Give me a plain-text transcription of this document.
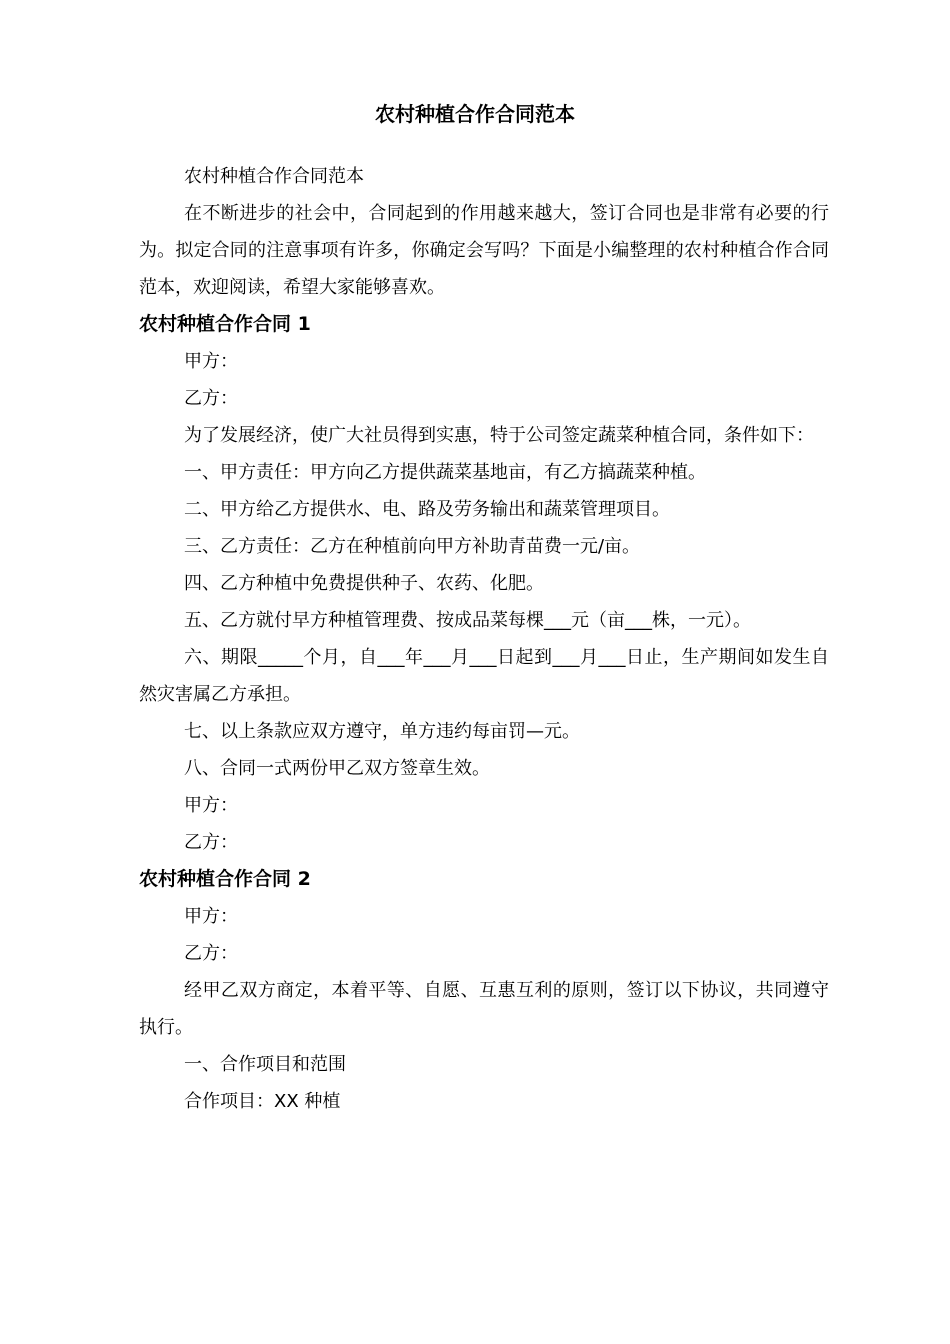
农村种植合作合同范本

农村种植合作合同范本

在不断进步的社会中，合同起到的作用越来越大，签订合同也是非常有必要的行为。拟定合同的注意事项有许多，你确定会写吗？下面是小编整理的农村种植合作合同范本，欢迎阅读，希望大家能够喜欢。

农村种植合作合同 1

甲方：

乙方：

为了发展经济，使广大社员得到实惠，特于公司签定蔬菜种植合同，条件如下：

一、甲方责任：甲方向乙方提供蔬菜基地亩，有乙方搞蔬菜种植。

二、甲方给乙方提供水、电、路及劳务输出和蔬菜管理项目。

三、乙方责任：乙方在种植前向甲方补助青苗费一元/亩。

四、乙方种植中免费提供种子、农药、化肥。

五、乙方就付早方种植管理费、按成品菜每棵___元（亩___株，一元）。

六、期限_____个月，自___年___月___日起到___月___日止，生产期间如发生自然灾害属乙方承担。

七、以上条款应双方遵守，单方违约每亩罚—元。

八、合同一式两份甲乙双方签章生效。

甲方：

乙方：

农村种植合作合同 2

甲方：

乙方：

经甲乙双方商定，本着平等、自愿、互惠互利的原则，签订以下协议，共同遵守执行。

一、合作项目和范围

合作项目：XX 种植
